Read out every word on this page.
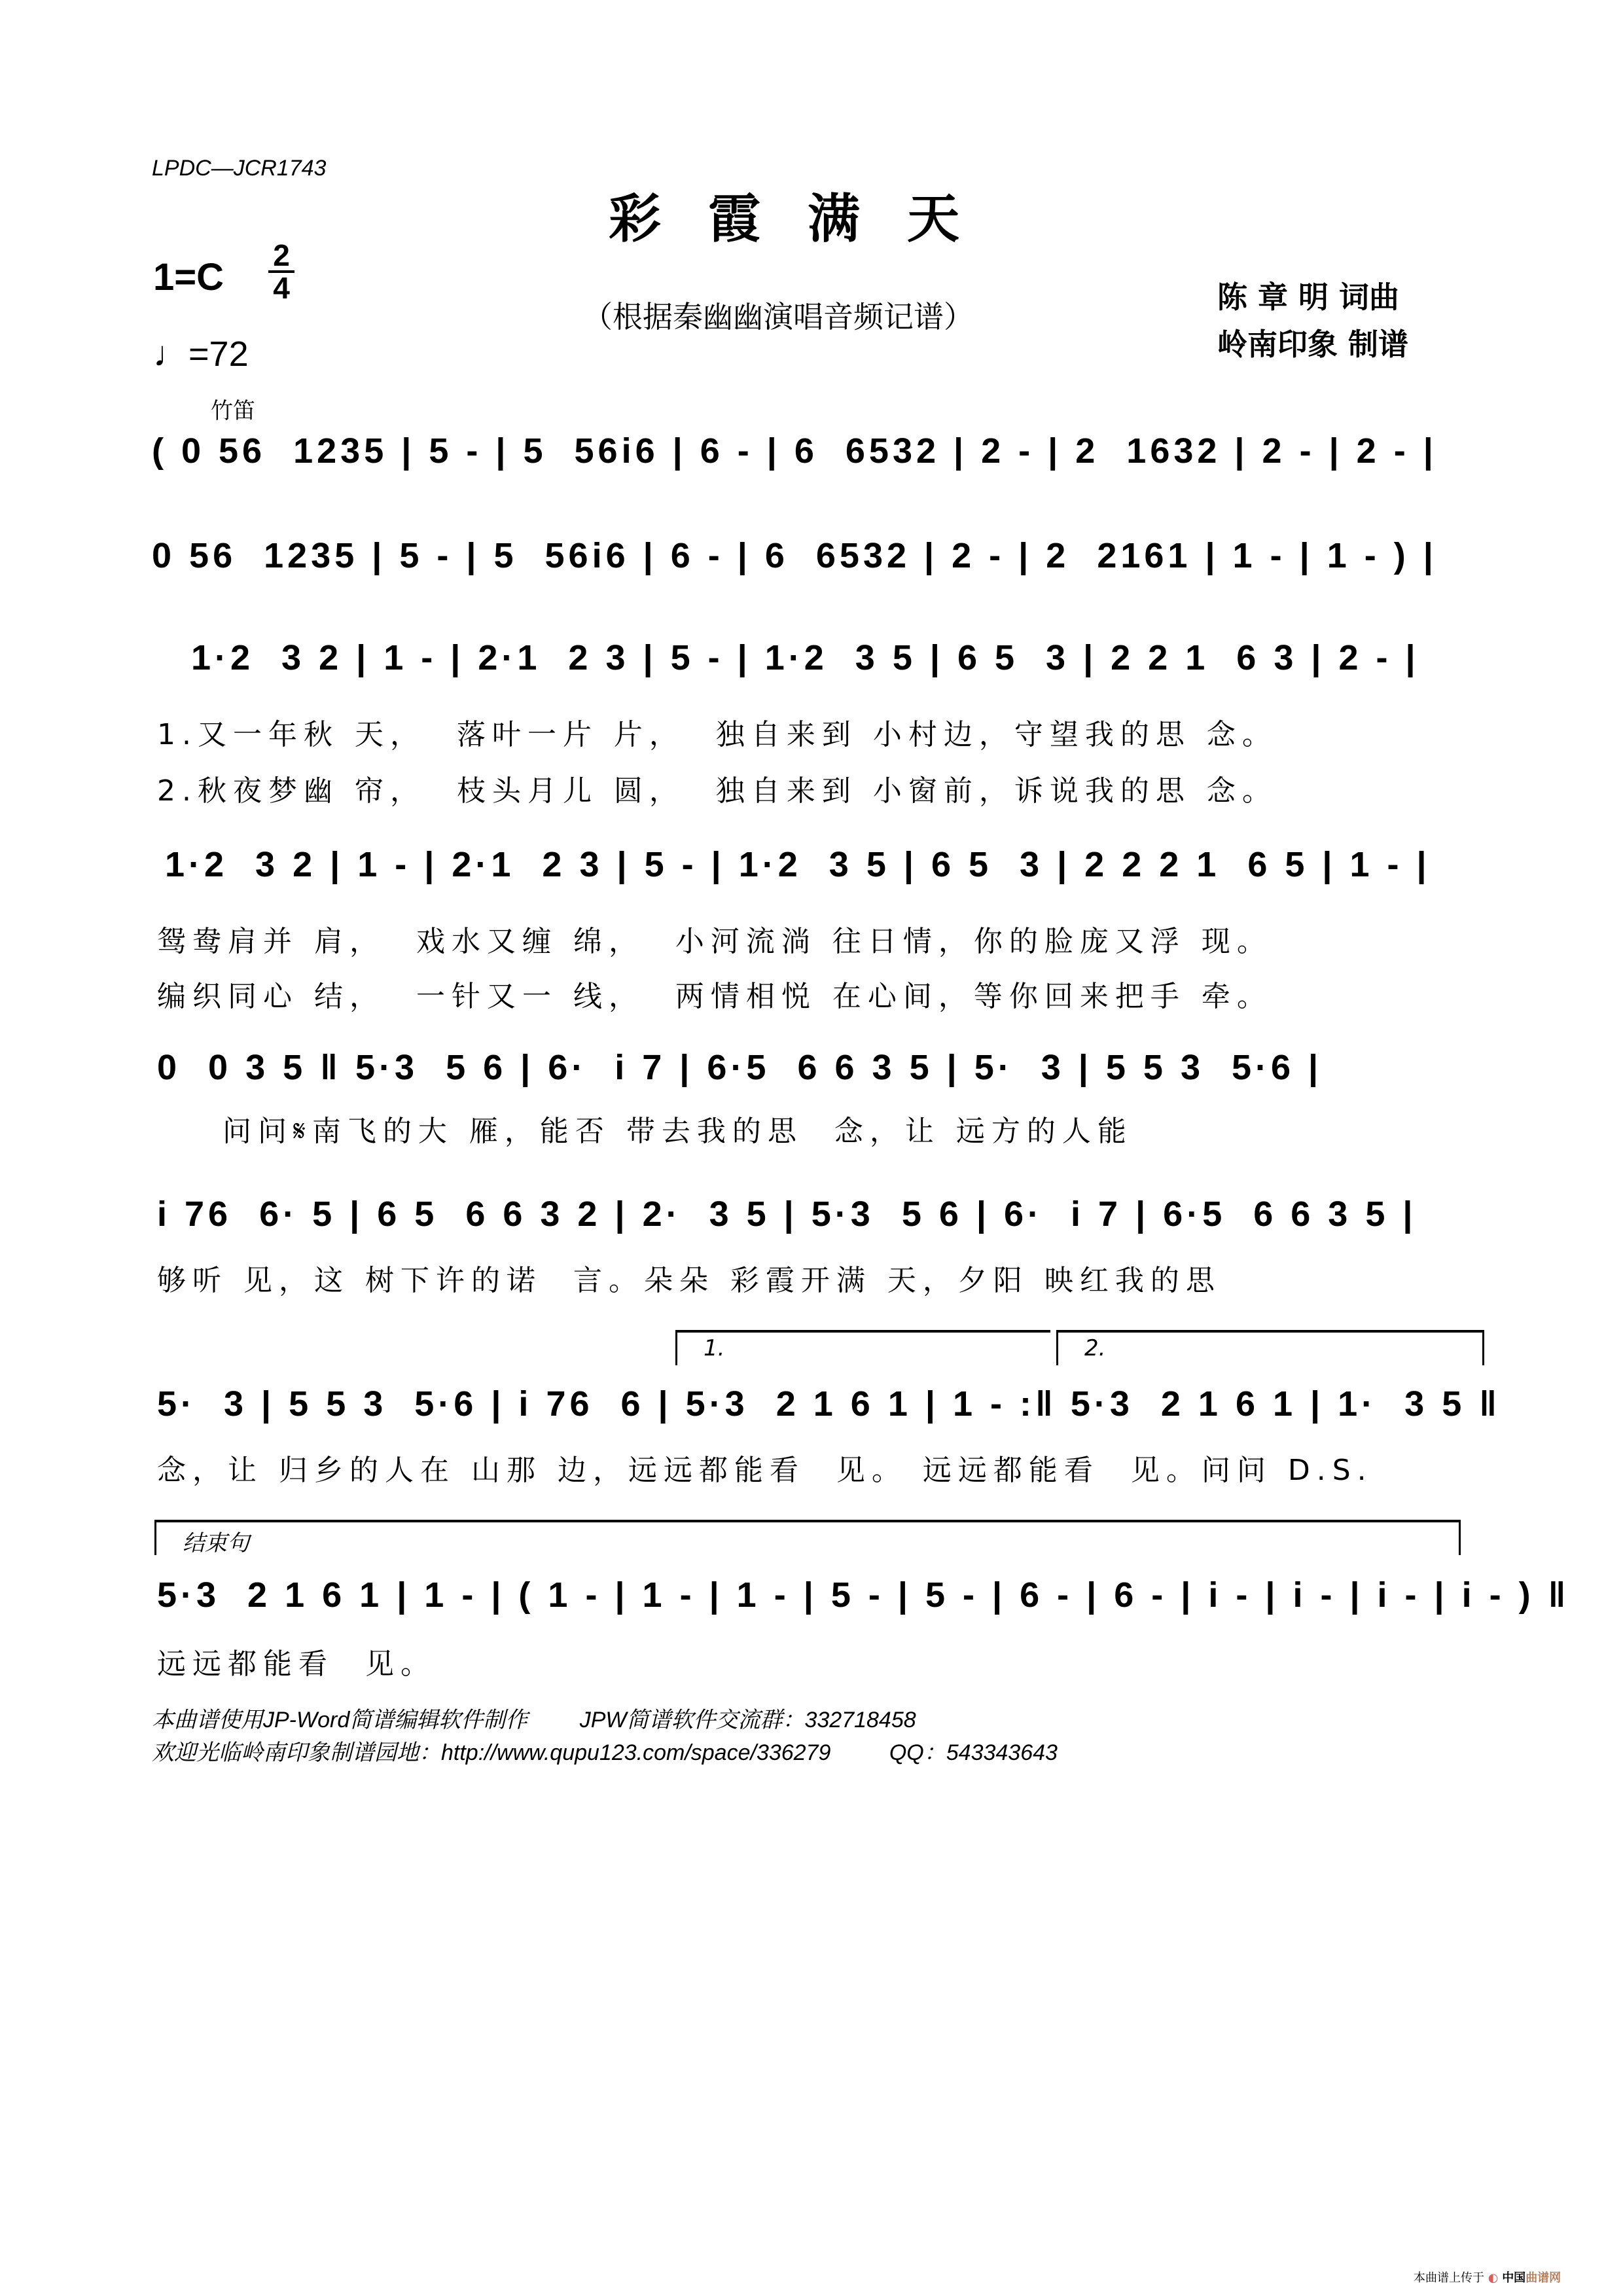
LPDC—JCR1743
彩霞满天
1=C
2
4
♩=72
（根据秦幽幽演唱音频记谱）
陈 章 明 词曲
岭南印象 制谱
竹笛
( 0 56  1235 | 5 - | 5  56i6 | 6 - | 6  6532 | 2 - | 2  1632 | 2 - | 2 - |
0 56  1235 | 5 - | 5  56i6 | 6 - | 6  6532 | 2 - | 2  2161 | 1 - | 1 - ) |
1·2  3 2 | 1 - | 2·1  2 3 | 5 - | 1·2  3 5 | 6 5  3 | 2 2 1  6 3 | 2 - |
1.又一年秋 天，  落叶一片 片，  独自来到 小村边，守望我的思 念。
2.秋夜梦幽 帘，  枝头月儿 圆，  独自来到 小窗前，诉说我的思 念。
1·2  3 2 | 1 - | 2·1  2 3 | 5 - | 1·2  3 5 | 6 5  3 | 2 2 2 1  6 5 | 1 - |
鸳鸯肩并 肩，  戏水又缠 绵，  小河流淌 往日情，你的脸庞又浮 现。
编织同心 结，  一针又一 线，  两情相悦 在心间，等你回来把手 牵。
0  0 3 5 ‖ 5·3  5 6 | 6·  i 7 | 6·5  6 6 3 5 | 5·  3 | 5 5 3  5·6 |
问问𝄋南飞的大 雁，能否 带去我的思  念，让 远方的人能
i 76  6· 5 | 6 5  6 6 3 2 | 2·  3 5 | 5·3  5 6 | 6·  i 7 | 6·5  6 6 3 5 |
够听 见，这 树下许的诺  言。朵朵 彩霞开满 天，夕阳 映红我的思
1.	2.
5·  3 | 5 5 3  5·6 | i 76  6 | 5·3  2 1 6 1 | 1 - :‖ 5·3  2 1 6 1 | 1·  3 5 ‖
念，让 归乡的人在 山那 边，远远都能看  见。 远远都能看  见。问问 D.S.
结束句
5·3  2 1 6 1 | 1 - | ( 1 - | 1 - | 1 - | 5 - | 5 - | 6 - | 6 - | i - | i - | i - | i - ) ‖
远远都能看  见。
本曲谱使用JP-Word简谱编辑软件制作 JPW简谱软件交流群：332718458
欢迎光临岭南印象制谱园地：http://www.qupu123.com/space/336279	QQ：543343643
本曲谱上传于 ◐ 中国曲谱网
